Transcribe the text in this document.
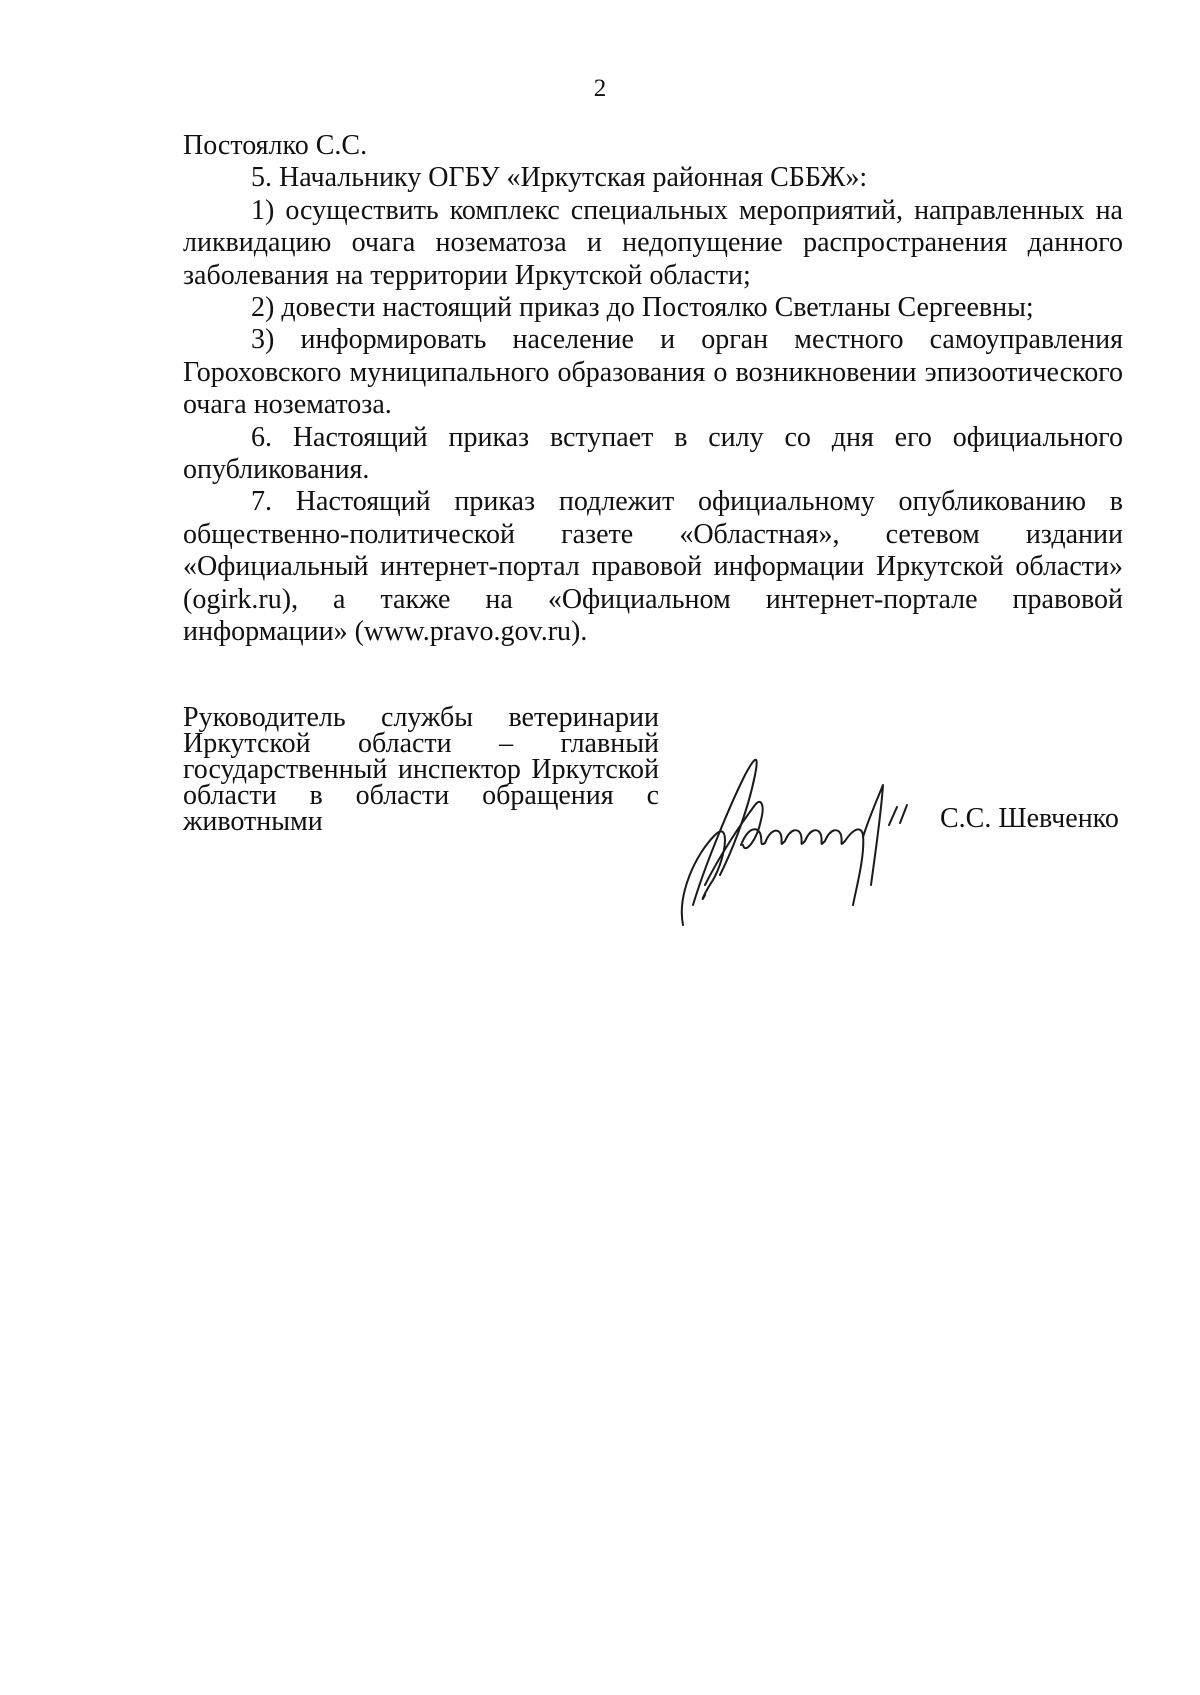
2

Постоялко С.С.

5. Начальнику ОГБУ «Иркутская районная СББЖ»:

1) осуществить комплекс специальных мероприятий, направленных на ликвидацию очага нозематоза и недопущение распространения данного заболевания на территории Иркутской области;

2) довести настоящий приказ до Постоялко Светланы Сергеевны;

3) информировать население и орган местного самоуправления Гороховского муниципального образования о возникновении эпизоотического очага нозематоза.

6. Настоящий приказ вступает в силу со дня его официального опубликования.

7. Настоящий приказ подлежит официальному опубликованию в общественно-политической газете «Областная», сетевом издании «Официальный интернет-портал правовой информации Иркутской области» (ogirk.ru), а также на «Официальном интернет-портале правовой информации» (www.pravo.gov.ru).

Руководитель службы ветеринарии Иркутской области – главный государственный инспектор Иркутской области в области обращения с животными	С.С. Шевченко
